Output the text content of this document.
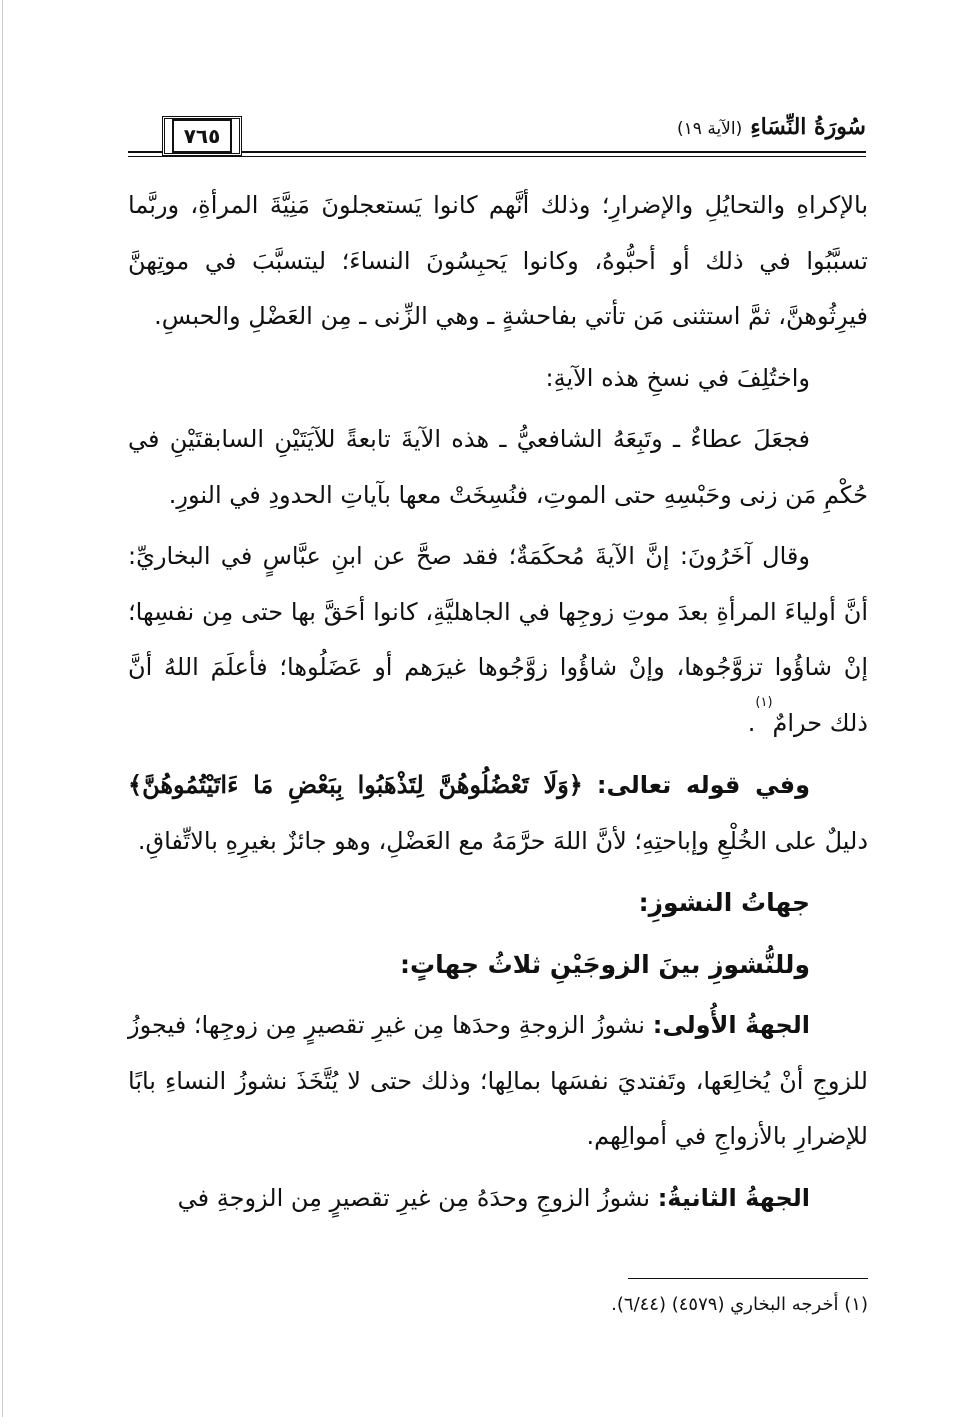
٧٦٥	سُورَةُ النِّسَاءِ
(الآية ١٩)

بالإكراهِ والتحايُلِ والإضرارِ؛ وذلك أنَّهم كانوا يَستعجلونَ مَنِيَّةَ المرأةِ، وربَّما تسبَّبُوا في ذلك أو أحبُّوهُ، وكانوا يَحبِسُونَ النساءَ؛ ليتسبَّبَ في موتِهنَّ فيرِثُوهنَّ، ثمَّ استثنى مَن تأتي بفاحشةٍ ـ وهي الزِّنى ـ مِن العَضْلِ والحبسِ.

واختُلِفَ في نسخِ هذه الآيةِ:

فجعَلَ عطاءٌ ـ وتَبِعَهُ الشافعيُّ ـ هذه الآيةَ تابعةً للآيَتَيْنِ السابقتَيْنِ في حُكْمِ مَن زنى وحَبْسِهِ حتى الموتِ، فنُسِخَتْ معها بآياتِ الحدودِ في النورِ.

وقال آخَرُونَ: إنَّ الآيةَ مُحكَمَةٌ؛ فقد صحَّ عن ابنِ عبَّاسٍ في البخاريِّ: أنَّ أولياءَ المرأةِ بعدَ موتِ زوجِها في الجاهليَّةِ، كانوا أحَقَّ بها حتى مِن نفسِها؛ إنْ شاؤُوا تزوَّجُوها، وإنْ شاؤُوا زوَّجُوها غيرَهم أو عَضَلُوها؛ فأعلَمَ اللهُ أنَّ ذلك حرامٌ$^{(١)}$.

وفي قوله تعالى: ﴿وَلَا تَعْضُلُوهُنَّ لِتَذْهَبُوا بِبَعْضِ مَا ءَاتَيْتُمُوهُنَّ﴾ دليلٌ على الخُلْعِ وإباحتِهِ؛ لأنَّ اللهَ حرَّمَهُ مع العَضْلِ، وهو جائزٌ بغيرِهِ بالاتِّفاقِ.

جهاتُ النشوزِ:

وللنُّشوزِ بينَ الزوجَيْنِ ثلاثُ جهاتٍ:

الجهةُ الأُولى: نشوزُ الزوجةِ وحدَها مِن غيرِ تقصيرٍ مِن زوجِها؛ فيجوزُ للزوجِ أنْ يُخالِعَها، وتَفتديَ نفسَها بمالِها؛ وذلك حتى لا يُتَّخَذَ نشوزُ النساءِ بابًا للإضرارِ بالأزواجِ في أموالِهم.

الجهةُ الثانيةُ: نشوزُ الزوجِ وحدَهُ مِن غيرِ تقصيرٍ مِن الزوجةِ في

(١) أخرجه البخاري (٤٥٧٩) (٦/٤٤).
